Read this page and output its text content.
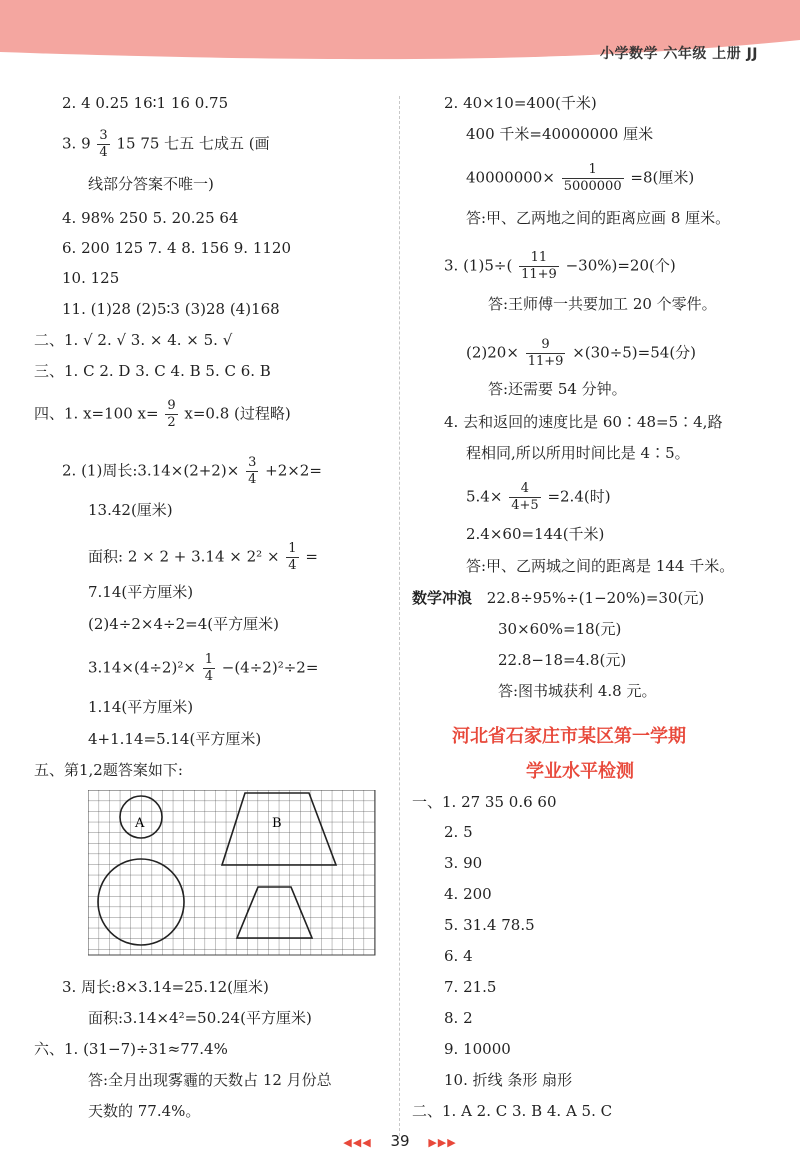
小学数学 六年级 上册 JJ
2. 4 0.25 16∶1 16 0.75
3. $9 \frac{3}{4} 15$ 75 七五 七成五 (画
线部分答案不唯一)
4. 98% 250 5. 20.25 64
6. 200 125 7. 4 8. 156 9. 1120
10. 125
11. (1)28 (2)5∶3 (3)28 (4)168
二、1. √ 2. √ 3. × 4. × 5. √
三、1. C 2. D 3. C 4. B 5. C 6. B
四、1. x=100 $x= \frac{9}{2} x=0.8$ (过程略)
2. (1)周长:3.14×(2+2)× $\frac{3}{4} +2\times 2=$
13.42(厘米)
面积: $2 \times 2 + 3.14 \times 2^2 \times \frac{1}{4}$ =
7.14(平方厘米)
(2)4÷2×4÷2=4(平方厘米)
$3.14\times(4\div 2)^2\times \frac{1}{4} -(4\div 2)^2\div 2=$
1.14(平方厘米)
4+1.14=5.14(平方厘米)
五、第1,2题答案如下:
A	B
3. 周长:8×3.14=25.12(厘米)
面积:3.14×4²=50.24(平方厘米)
六、1. (31−7)÷31≈77.4%
答:全月出现雾霾的天数占 12 月份总
天数的 77.4%。
2. 40×10=400(千米)
400 千米=40000000 厘米
$40000000\times \frac{1}{5000000} =8$(厘米)
答:甲、乙两地之间的距离应画 8 厘米。
3. $(1)5\div( \frac{11}{11+9} -30\%)=20$(个)
答:王师傅一共要加工 20 个零件。
$(2)20\times \frac{9}{11+9} \times(30\div 5)=54$(分)
答:还需要 54 分钟。
4. 去和返回的速度比是 60∶48=5∶4,路
程相同,所以所用时间比是 4∶5。
$5.4\times \frac{4}{4+5} =2.4$(时)
2.4×60=144(千米)
答:甲、乙两城之间的距离是 144 千米。
数学冲浪 22.8÷95%÷(1−20%)=30(元)
30×60%=18(元)
22.8−18=4.8(元)
答:图书城获利 4.8 元。
河北省石家庄市某区第一学期
学业水平检测
一、1. 27 35 0.6 60
2. 5
3. 90
4. 200
5. 31.4 78.5
6. 4
7. 21.5
8. 2
9. 10000
10. 折线 条形 扇形
二、1. A 2. C 3. B 4. A 5. C
◀◀◀ 39 ▶▶▶
